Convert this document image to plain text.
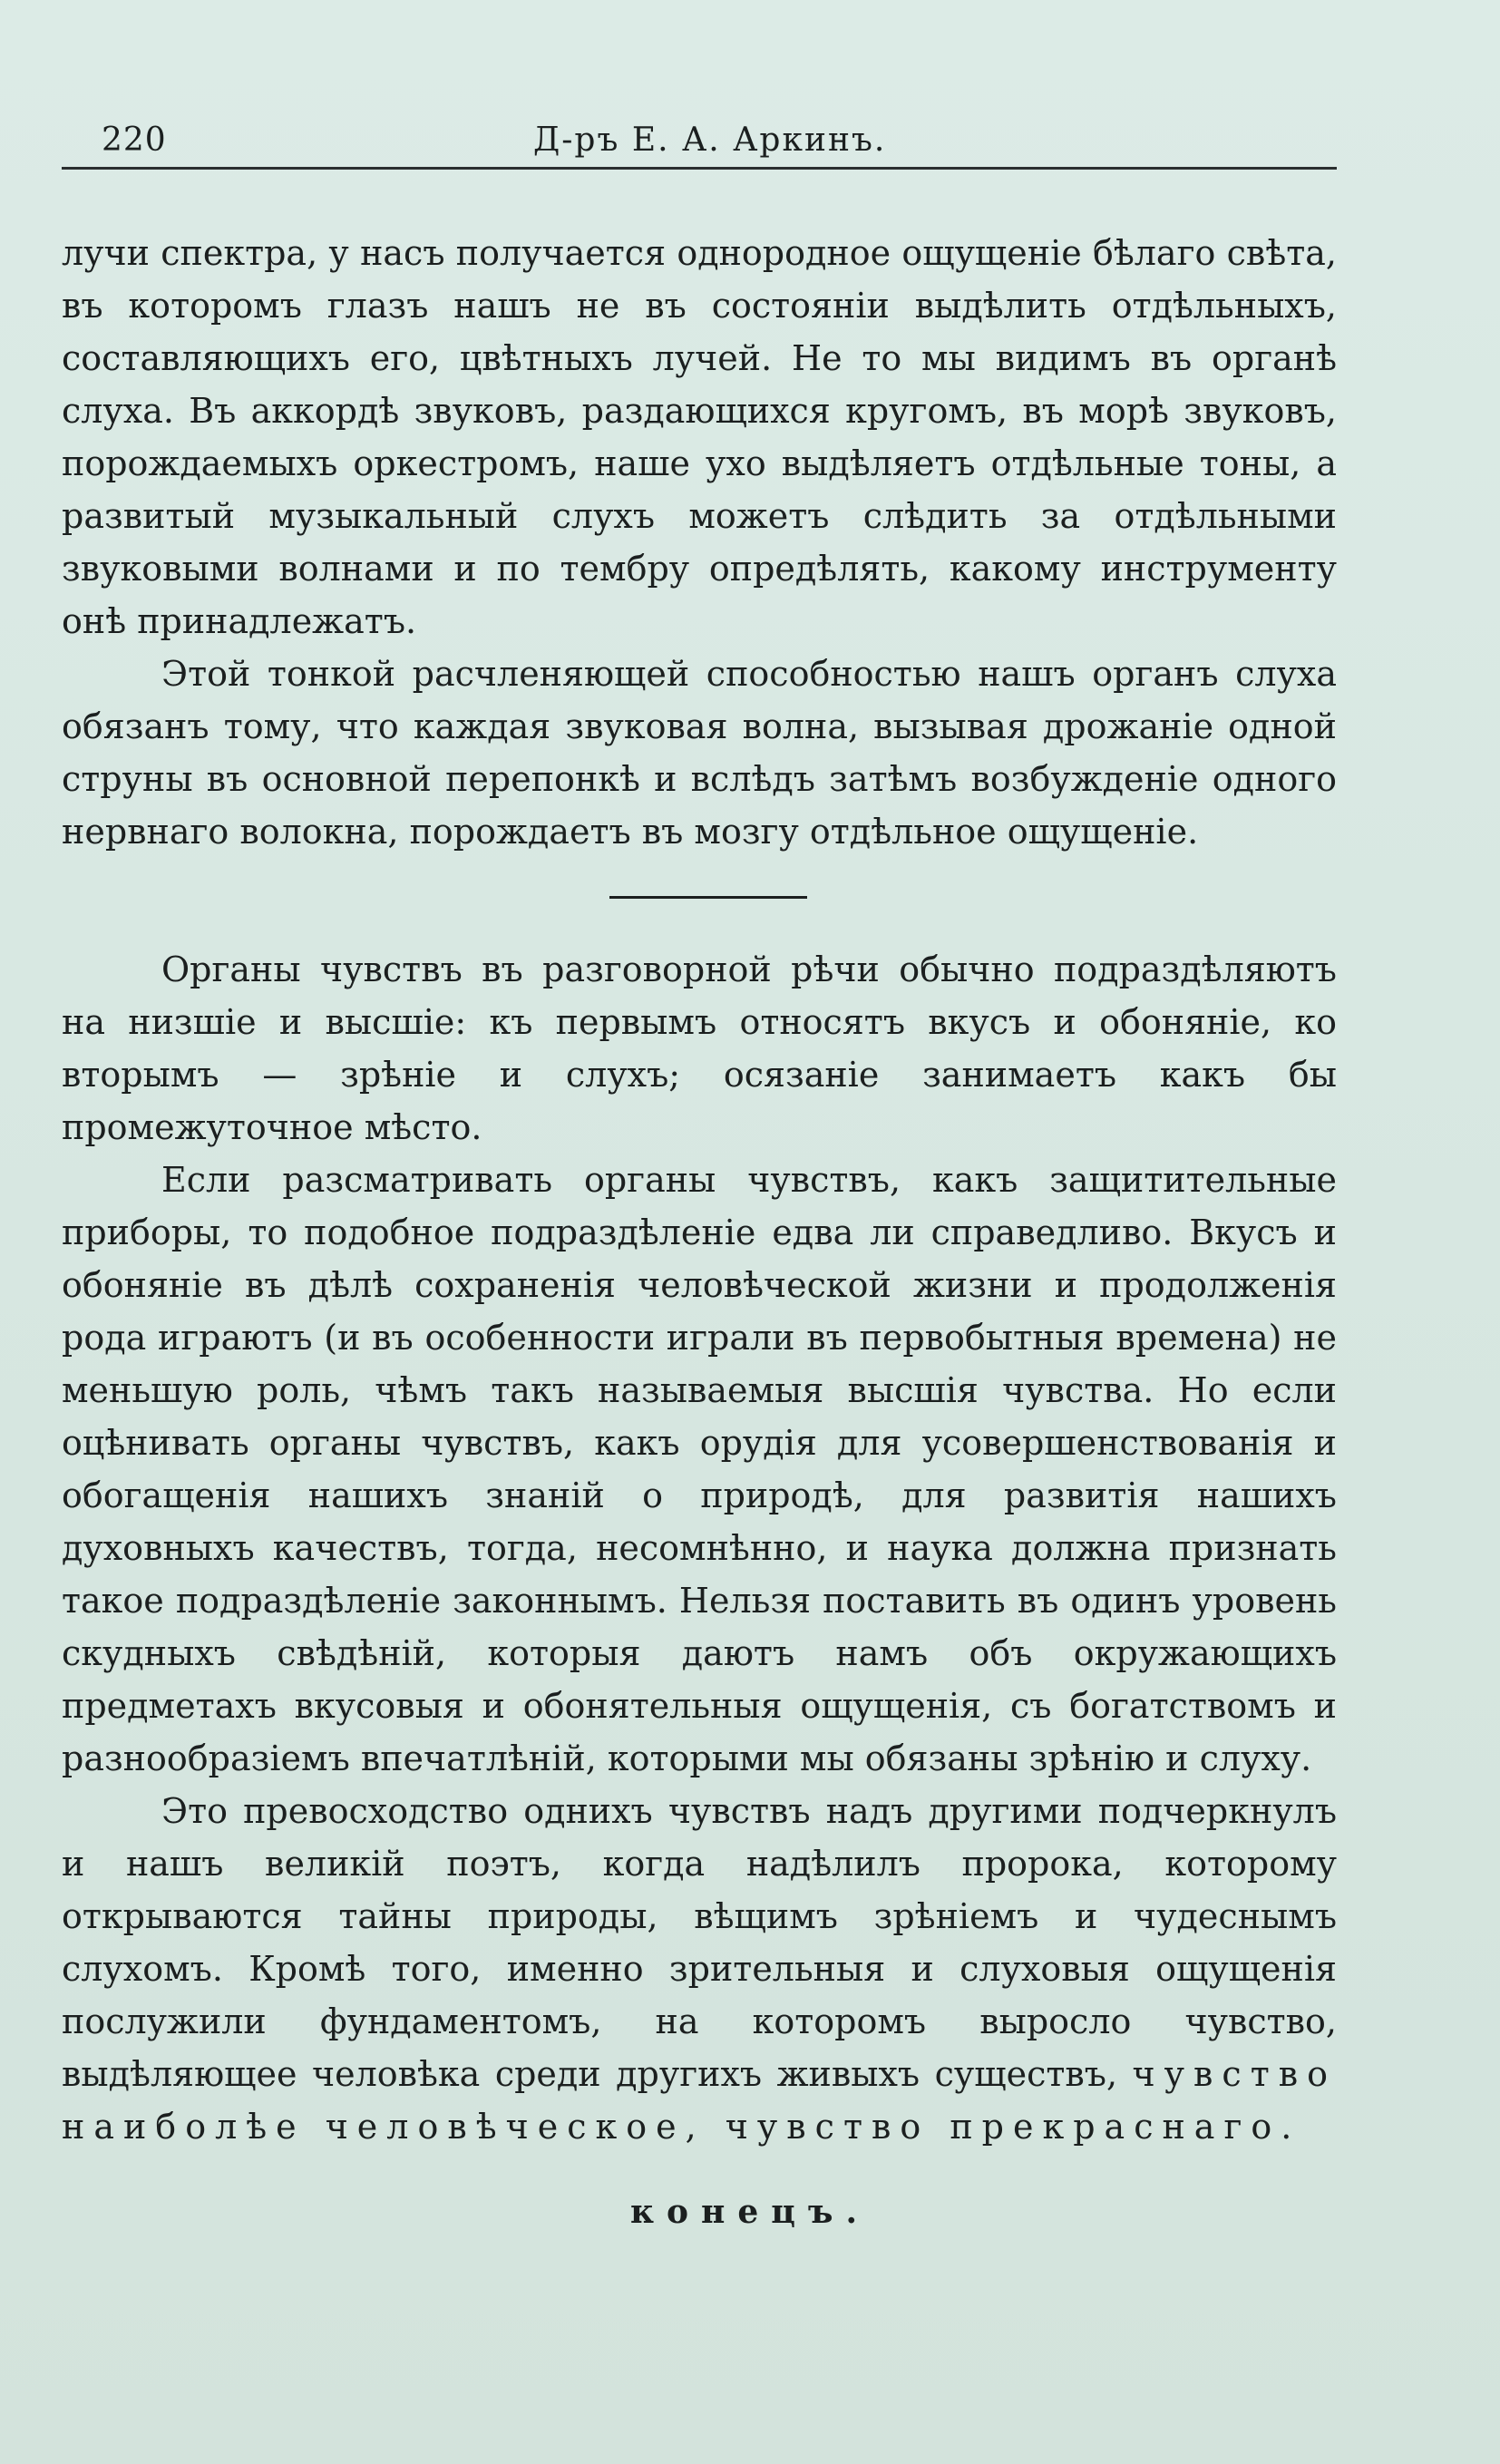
220	Д-ръ Е. А. Аркинъ.

лучи спектра, у насъ получается однородное ощущеніе бѣлаго свѣта, въ которомъ глазъ нашъ не въ состояніи выдѣлить отдѣльныхъ, составляющихъ его, цвѣтныхъ лучей. Не то мы видимъ въ органѣ слуха. Въ аккордѣ звуковъ, раздающихся кругомъ, въ морѣ звуковъ, порождаемыхъ оркестромъ, наше ухо выдѣляетъ отдѣльные тоны, а развитый музыкальный слухъ можетъ слѣдить за отдѣльными звуковыми волнами и по тембру опредѣлять, какому инструменту онѣ принадлежатъ.

Этой тонкой расчленяющей способностью нашъ органъ слуха обязанъ тому, что каждая звуковая волна, вызывая дрожаніе одной струны въ основной перепонкѣ и вслѣдъ затѣмъ возбужденіе одного нервнаго волокна, порождаетъ въ мозгу отдѣльное ощущеніе.

Органы чувствъ въ разговорной рѣчи обычно подраздѣляютъ на низшіе и высшіе: къ первымъ относятъ вкусъ и обоняніе, ко вторымъ — зрѣніе и слухъ; осязаніе занимаетъ какъ бы промежуточное мѣсто.

Если разсматривать органы чувствъ, какъ защитительные приборы, то подобное подраздѣленіе едва ли справедливо. Вкусъ и обоняніе въ дѣлѣ сохраненія человѣческой жизни и продолженія рода играютъ (и въ особенности играли въ первобытныя времена) не меньшую роль, чѣмъ такъ называемыя высшія чувства. Но если оцѣнивать органы чувствъ, какъ орудія для усовершенствованія и обогащенія нашихъ знаній о природѣ, для развитія нашихъ духовныхъ качествъ, тогда, несомнѣнно, и наука должна признать такое подраздѣленіе законнымъ. Нельзя поставить въ одинъ уровень скудныхъ свѣдѣній, которыя даютъ намъ объ окружающихъ предметахъ вкусовыя и обонятельныя ощущенія, съ богатствомъ и разнообразіемъ впечатлѣній, которыми мы обязаны зрѣнію и слуху.

Это превосходство однихъ чувствъ надъ другими подчеркнулъ и нашъ великій поэтъ, когда надѣлилъ пророка, которому открываются тайны природы, вѣщимъ зрѣніемъ и чудеснымъ слухомъ. Кромѣ того, именно зрительныя и слуховыя ощущенія послужили фундаментомъ, на которомъ выросло чувство, выдѣляющее человѣка среди другихъ живыхъ существъ, чувство наиболѣе человѣческое, чувство прекраснаго.

конецъ.
